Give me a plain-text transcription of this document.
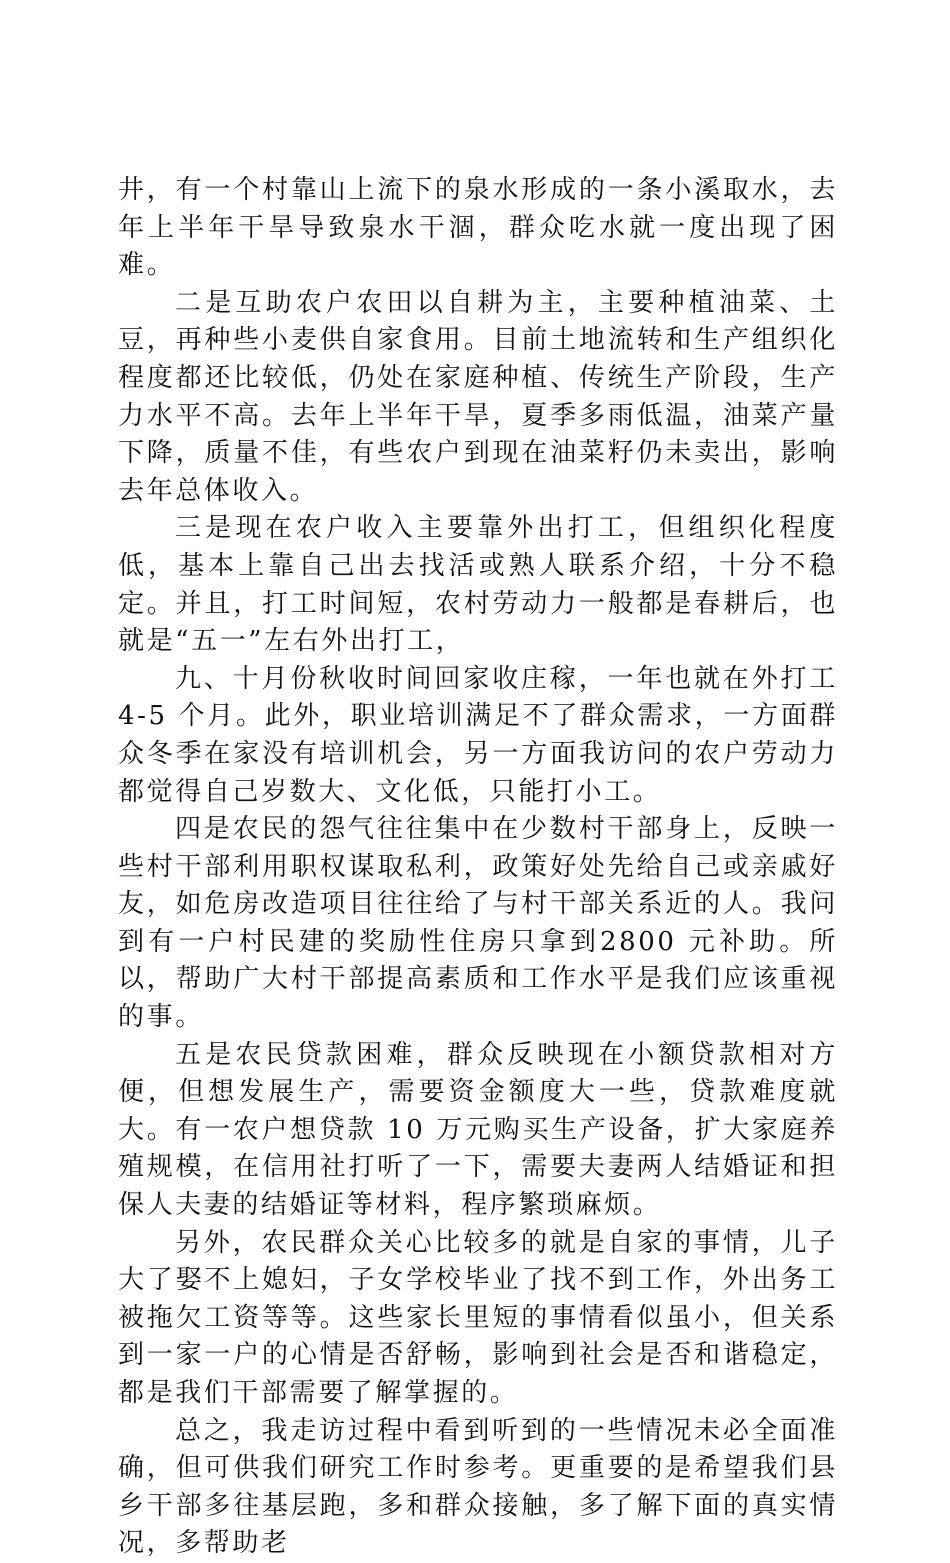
井，有一个村靠山上流下的泉水形成的一条小溪取水，去年上半年干旱导致泉水干涸，群众吃水就一度出现了困难。

二是互助农户农田以自耕为主，主要种植油菜、土豆，再种些小麦供自家食用。目前土地流转和生产组织化程度都还比较低，仍处在家庭种植、传统生产阶段，生产力水平不高。去年上半年干旱，夏季多雨低温，油菜产量下降，质量不佳，有些农户到现在油菜籽仍未卖出，影响去年总体收入。

三是现在农户收入主要靠外出打工，但组织化程度低，基本上靠自己出去找活或熟人联系介绍，十分不稳定。并且，打工时间短，农村劳动力一般都是春耕后，也就是“五一”左右外出打工，

九、十月份秋收时间回家收庄稼，一年也就在外打工 4-5 个月。此外，职业培训满足不了群众需求，一方面群众冬季在家没有培训机会，另一方面我访问的农户劳动力都觉得自己岁数大、文化低，只能打小工。

四是农民的怨气往往集中在少数村干部身上，反映一些村干部利用职权谋取私利，政策好处先给自己或亲戚好友，如危房改造项目往往给了与村干部关系近的人。我问到有一户村民建的奖励性住房只拿到2800 元补助。所以，帮助广大村干部提高素质和工作水平是我们应该重视的事。

五是农民贷款困难，群众反映现在小额贷款相对方便，但想发展生产，需要资金额度大一些，贷款难度就大。有一农户想贷款 10 万元购买生产设备，扩大家庭养殖规模，在信用社打听了一下，需要夫妻两人结婚证和担保人夫妻的结婚证等材料，程序繁琐麻烦。

另外，农民群众关心比较多的就是自家的事情，儿子大了娶不上媳妇，子女学校毕业了找不到工作，外出务工被拖欠工资等等。这些家长里短的事情看似虽小，但关系到一家一户的心情是否舒畅，影响到社会是否和谐稳定，都是我们干部需要了解掌握的。

总之，我走访过程中看到听到的一些情况未必全面准确，但可供我们研究工作时参考。更重要的是希望我们县乡干部多往基层跑，多和群众接触，多了解下面的真实情况，多帮助老
